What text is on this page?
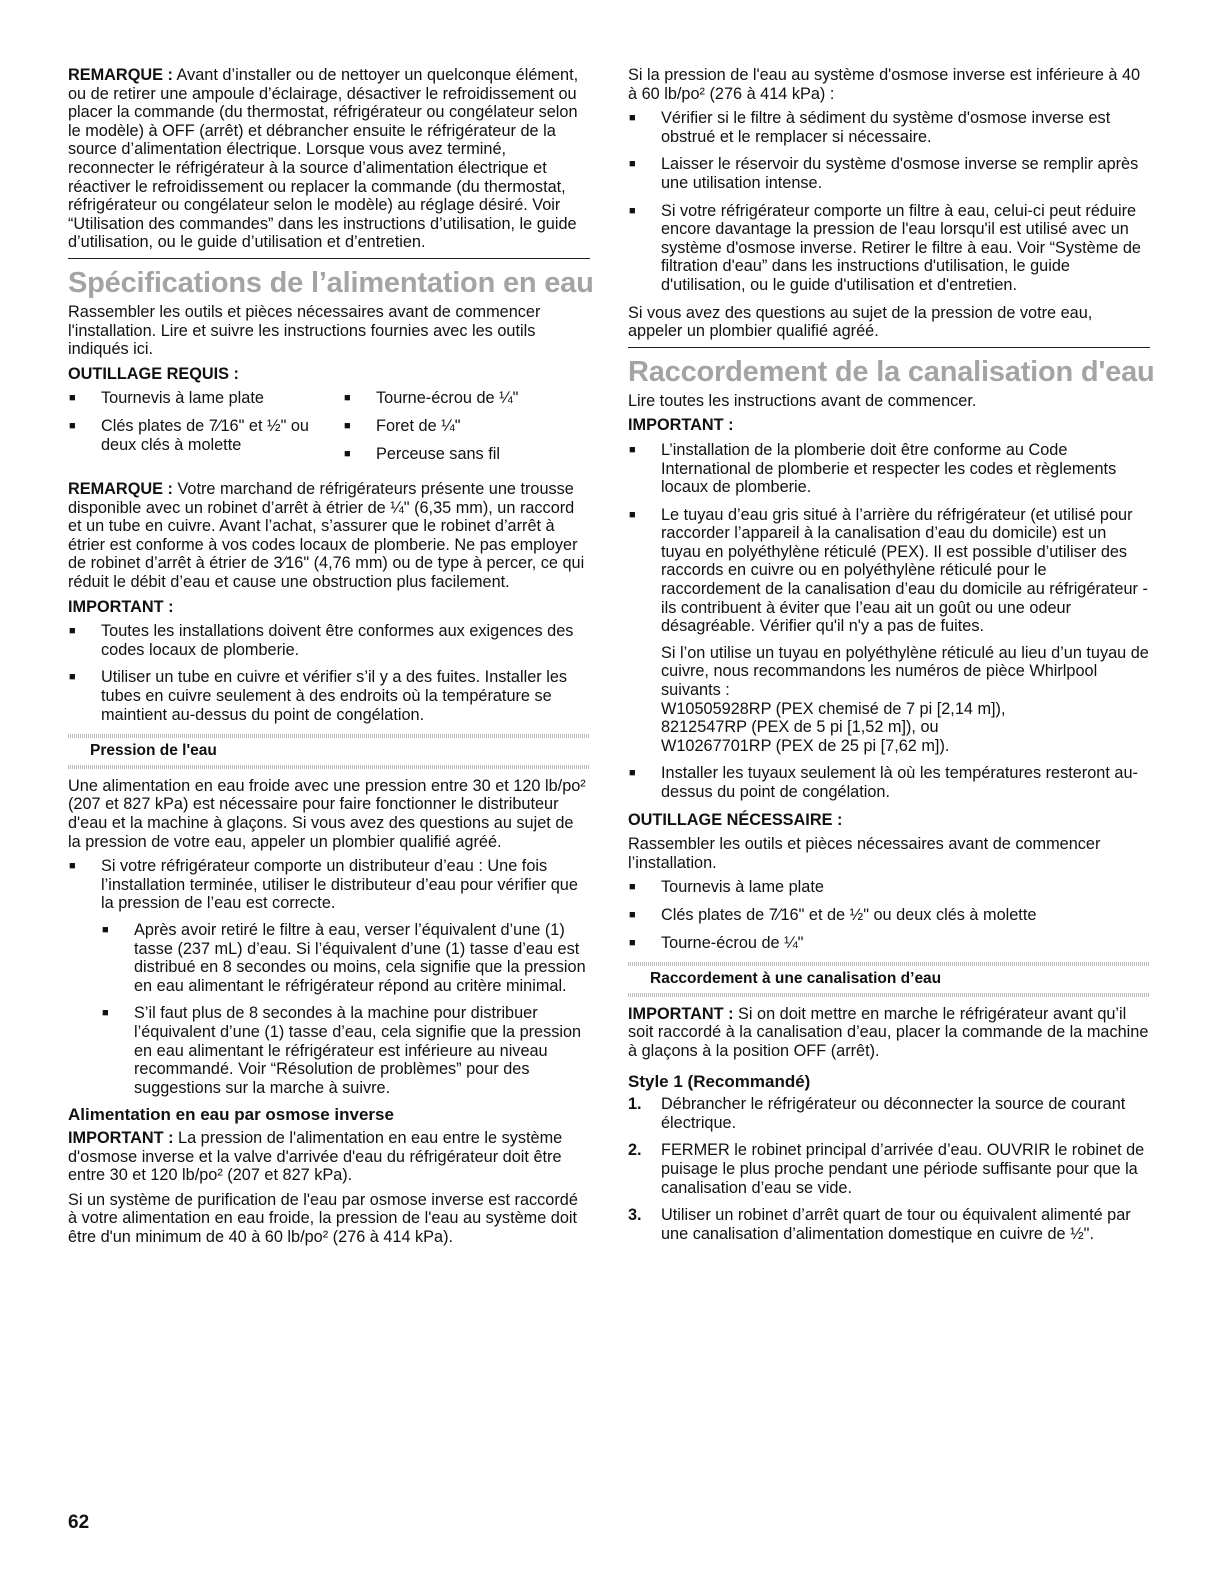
REMARQUE : Avant d’installer ou de nettoyer un quelconque élément, ou de retirer une ampoule d’éclairage, désactiver le refroidissement ou placer la commande (du thermostat, réfrigérateur ou congélateur selon le modèle) à OFF (arrêt) et débrancher ensuite le réfrigérateur de la source d’alimentation électrique. Lorsque vous avez terminé, reconnecter le réfrigérateur à la source d’alimentation électrique et réactiver le refroidissement ou replacer la commande (du thermostat, réfrigérateur ou congélateur selon le modèle) au réglage désiré. Voir “Utilisation des commandes” dans les instructions d’utilisation, le guide d’utilisation, ou le guide d’utilisation et d’entretien.

Spécifications de l’alimentation en eau

Rassembler les outils et pièces nécessaires avant de commencer l'installation. Lire et suivre les instructions fournies avec les outils indiqués ici.

OUTILLAGE REQUIS :
■ Tournevis à lame plate
■ Clés plates de 7⁄16" et ½" ou deux clés à molette
■ Tourne-écrou de ¼"
■ Foret de ¼"
■ Perceuse sans fil

REMARQUE : Votre marchand de réfrigérateurs présente une trousse disponible avec un robinet d’arrêt à étrier de ¼" (6,35 mm), un raccord et un tube en cuivre. Avant l’achat, s’assurer que le robinet d’arrêt à étrier est conforme à vos codes locaux de plomberie. Ne pas employer de robinet d’arrêt à étrier de 3⁄16" (4,76 mm) ou de type à percer, ce qui réduit le débit d’eau et cause une obstruction plus facilement.

IMPORTANT :
■ Toutes les installations doivent être conformes aux exigences des codes locaux de plomberie.
■ Utiliser un tube en cuivre et vérifier s’il y a des fuites. Installer les tubes en cuivre seulement à des endroits où la température se maintient au-dessus du point de congélation.
Pression de l'eau

Une alimentation en eau froide avec une pression entre 30 et 120 lb/po² (207 et 827 kPa) est nécessaire pour faire fonctionner le distributeur d'eau et la machine à glaçons. Si vous avez des questions au sujet de la pression de votre eau, appeler un plombier qualifié agréé.

■ Si votre réfrigérateur comporte un distributeur d’eau : Une fois l’installation terminée, utiliser le distributeur d’eau pour vérifier que la pression de l’eau est correcte.
■ Après avoir retiré le filtre à eau, verser l’équivalent d’une (1) tasse (237 mL) d’eau. Si l’équivalent d’une (1) tasse d’eau est distribué en 8 secondes ou moins, cela signifie que la pression en eau alimentant le réfrigérateur répond au critère minimal.
■ S’il faut plus de 8 secondes à la machine pour distribuer l’équivalent d’une (1) tasse d’eau, cela signifie que la pression en eau alimentant le réfrigérateur est inférieure au niveau recommandé. Voir “Résolution de problèmes” pour des suggestions sur la marche à suivre.
Alimentation en eau par osmose inverse

IMPORTANT : La pression de l'alimentation en eau entre le système d'osmose inverse et la valve d'arrivée d'eau du réfrigérateur doit être entre 30 et 120 lb/po² (207 et 827 kPa).

Si un système de purification de l'eau par osmose inverse est raccordé à votre alimentation en eau froide, la pression de l'eau au système doit être d'un minimum de 40 à 60 lb/po² (276 à 414 kPa).

Si la pression de l'eau au système d'osmose inverse est inférieure à 40 à 60 lb/po² (276 à 414 kPa) :

■ Vérifier si le filtre à sédiment du système d'osmose inverse est obstrué et le remplacer si nécessaire.
■ Laisser le réservoir du système d'osmose inverse se remplir après une utilisation intense.
■ Si votre réfrigérateur comporte un filtre à eau, celui-ci peut réduire encore davantage la pression de l'eau lorsqu'il est utilisé avec un système d'osmose inverse. Retirer le filtre à eau. Voir “Système de filtration d'eau” dans les instructions d'utilisation, le guide d'utilisation, ou le guide d'utilisation et d'entretien.

Si vous avez des questions au sujet de la pression de votre eau, appeler un plombier qualifié agréé.

Raccordement de la canalisation d'eau

Lire toutes les instructions avant de commencer.

IMPORTANT :
■ L’installation de la plomberie doit être conforme au Code International de plomberie et respecter les codes et règlements locaux de plomberie.
■ Le tuyau d’eau gris situé à l’arrière du réfrigérateur (et utilisé pour raccorder l’appareil à la canalisation d’eau du domicile) est un tuyau en polyéthylène réticulé (PEX). Il est possible d’utiliser des raccords en cuivre ou en polyéthylène réticulé pour le raccordement de la canalisation d’eau du domicile au réfrigérateur - ils contribuent à éviter que l’eau ait un goût ou une odeur désagréable. Vérifier qu'il n'y a pas de fuites.

Si l’on utilise un tuyau en polyéthylène réticulé au lieu d’un tuyau de cuivre, nous recommandons les numéros de pièce Whirlpool suivants :
W10505928RP (PEX chemisé de 7 pi [2,14 m]),
8212547RP (PEX de 5 pi [1,52 m]), ou
W10267701RP (PEX de 25 pi [7,62 m]).

■ Installer les tuyaux seulement là où les températures resteront au-dessus du point de congélation.
OUTILLAGE NÉCESSAIRE :

Rassembler les outils et pièces nécessaires avant de commencer l’installation.

■ Tournevis à lame plate
■ Clés plates de 7⁄16" et de ½" ou deux clés à molette
■ Tourne-écrou de ¼"
Raccordement à une canalisation d’eau

IMPORTANT : Si on doit mettre en marche le réfrigérateur avant qu’il soit raccordé à la canalisation d’eau, placer la commande de la machine à glaçons à la position OFF (arrêt).

Style 1 (Recommandé)
1. Débrancher le réfrigérateur ou déconnecter la source de courant électrique.
2. FERMER le robinet principal d’arrivée d’eau. OUVRIR le robinet de puisage le plus proche pendant une période suffisante pour que la canalisation d’eau se vide.
3. Utiliser un robinet d’arrêt quart de tour ou équivalent alimenté par une canalisation d’alimentation domestique en cuivre de ½".
62
